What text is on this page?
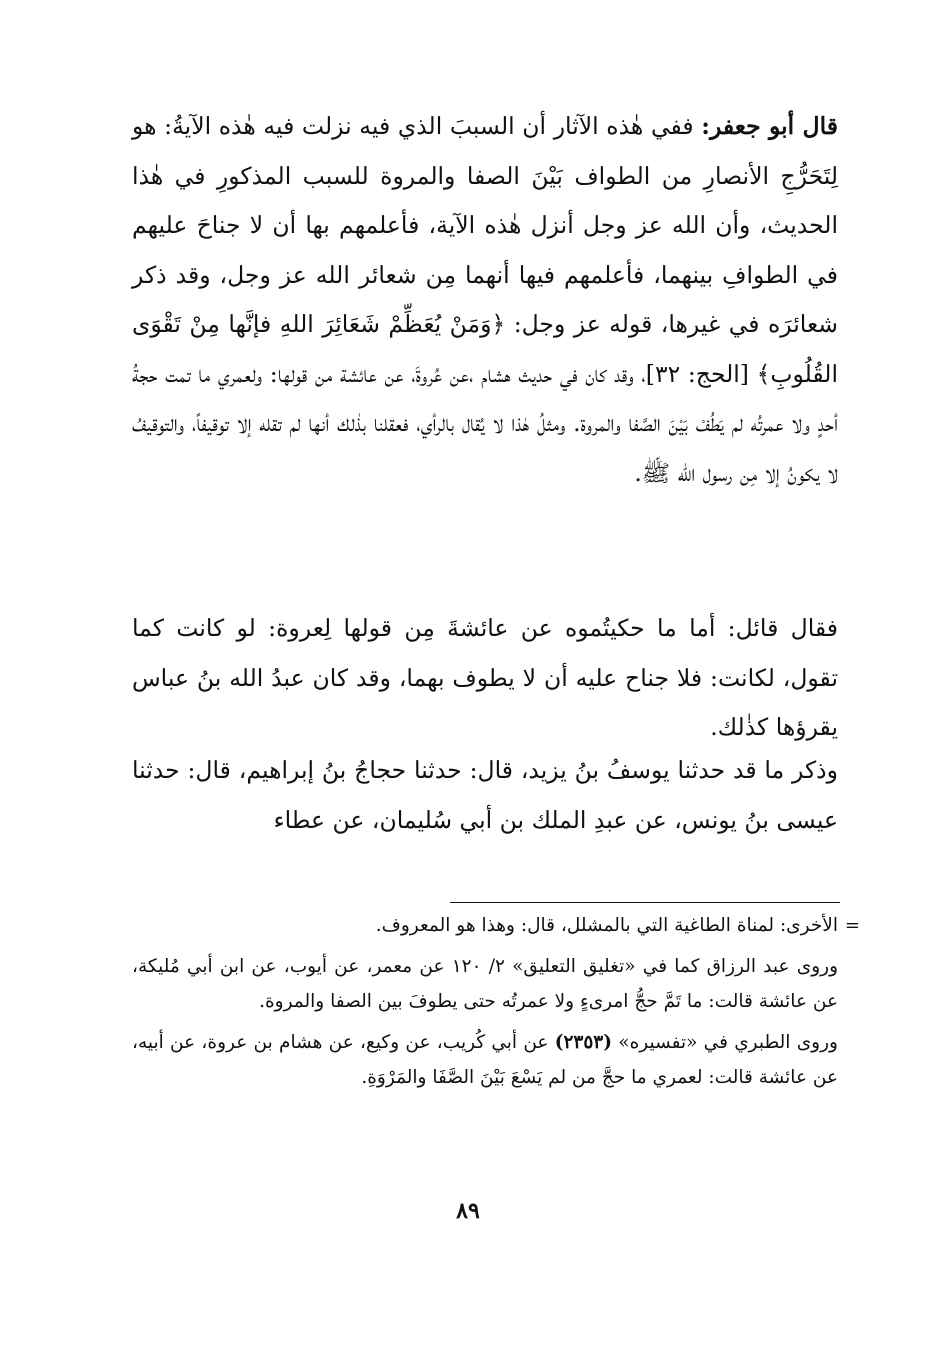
قال أبو جعفر: ففي هٰذه الآثار أن السببَ الذي فيه نزلت فيه هٰذه الآيةُ: هو لِتَحَرُّجِ الأنصارِ من الطواف بَيْنَ الصفا والمروة للسبب المذكورِ في هٰذا الحديث، وأن الله عز وجل أنزل هٰذه الآية، فأعلمهم بها أن لا جناحَ عليهم في الطوافِ بينهما، فأعلمهم فيها أنهما مِن شعائر الله عز وجل، وقد ذكر شعائرَه في غيرها، قوله عز وجل: ﴿وَمَنْ يُعَظِّمْ شَعَائِرَ اللهِ فإنَّها مِنْ تَقْوَى القُلُوبِ﴾ [الحج: ٣٢]، وقد كان في حديث هشام ،عن عُروةَ، عن عائشة من قولها: ولعمري ما تمت حجةُ أحدٍ ولا عمرتُه لم يَطُفْ بَيْنَ الصَّفا والمروة. ومثلُ هٰذا لا يُقال بالرأي، فعقلنا بذٰلك أنها لم تقله إلا توقيفاً، والتوقيفُ لا يكونُ إلا مِن رسول الله ﷺ.
فقال قائل: أما ما حكيتُموه عن عائشةَ مِن قولها لِعروة: لو كانت كما تقول، لكانت: فلا جناح عليه أن لا يطوف بهما، وقد كان عبدُ الله بنُ عباس يقرؤها كذٰلك.
وذكر ما قد حدثنا يوسفُ بنُ يزيد، قال: حدثنا حجاجُ بنُ إبراهيم، قال: حدثنا عيسى بنُ يونس، عن عبدِ الملك بن أبي سُليمان، عن عطاء
=
الأخرى: لمناة الطاغية التي بالمشلل، قال: وهذا هو المعروف.
وروى عبد الرزاق كما في «تغليق التعليق» ٢/ ١٢٠ عن معمر، عن أيوب، عن ابن أبي مُليكة، عن عائشة قالت: ما تَمَّ حجُّ امرىءٍ ولا عمرتُه حتى يطوفَ بين الصفا والمروة.
وروى الطبري في «تفسيره» (٢٣٥٣) عن أبي كُريب، عن وكيع، عن هشام بن عروة، عن أبيه، عن عائشة قالت: لعمري ما حجَّ من لم يَسْعَ بَيْنَ الصَّفَا والمَرْوَةِ.
٨٩
